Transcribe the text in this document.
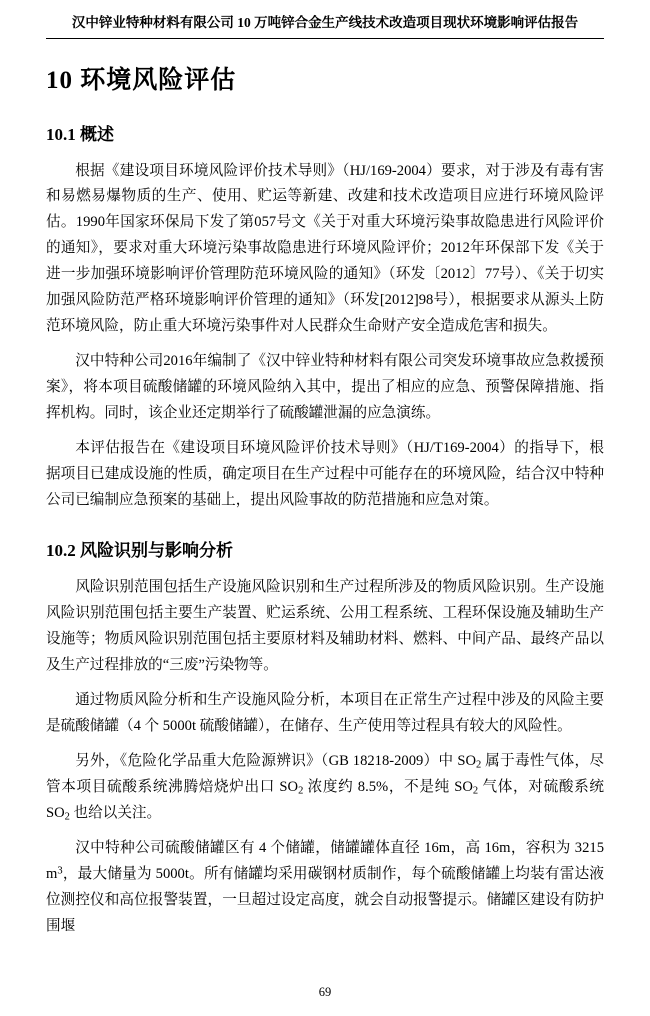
汉中锌业特种材料有限公司 10 万吨锌合金生产线技术改造项目现状环境影响评估报告
10 环境风险评估
10.1 概述

根据《建设项目环境风险评价技术导则》（HJ/169-2004）要求，对于涉及有毒有害和易燃易爆物质的生产、使用、贮运等新建、改建和技术改造项目应进行环境风险评估。1990年国家环保局下发了第057号文《关于对重大环境污染事故隐患进行风险评价的通知》，要求对重大环境污染事故隐患进行环境风险评价；2012年环保部下发《关于进一步加强环境影响评价管理防范环境风险的通知》（环发〔2012〕77号）、《关于切实加强风险防范严格环境影响评价管理的通知》（环发[2012]98号），根据要求从源头上防范环境风险，防止重大环境污染事件对人民群众生命财产安全造成危害和损失。

汉中特种公司2016年编制了《汉中锌业特种材料有限公司突发环境事故应急救援预案》，将本项目硫酸储罐的环境风险纳入其中，提出了相应的应急、预警保障措施、指挥机构。同时，该企业还定期举行了硫酸罐泄漏的应急演练。

本评估报告在《建设项目环境风险评价技术导则》（HJ/T169-2004）的指导下，根据项目已建成设施的性质，确定项目在生产过程中可能存在的环境风险，结合汉中特种公司已编制应急预案的基础上，提出风险事故的防范措施和应急对策。

10.2 风险识别与影响分析

风险识别范围包括生产设施风险识别和生产过程所涉及的物质风险识别。生产设施风险识别范围包括主要生产装置、贮运系统、公用工程系统、工程环保设施及辅助生产设施等；物质风险识别范围包括主要原材料及辅助材料、燃料、中间产品、最终产品以及生产过程排放的“三废”污染物等。

通过物质风险分析和生产设施风险分析，本项目在正常生产过程中涉及的风险主要是硫酸储罐（4 个 5000t 硫酸储罐），在储存、生产使用等过程具有较大的风险性。

另外，《危险化学品重大危险源辨识》（GB 18218-2009）中 $SO_2$ 属于毒性气体，尽管本项目硫酸系统沸腾焙烧炉出口 $SO_2$ 浓度约 8.5%，不是纯 $SO_2$ 气体，对硫酸系统 $SO_2$ 也给以关注。

汉中特种公司硫酸储罐区有 4 个储罐，储罐罐体直径 16m，高 16m，容积为 3215 $m^3$，最大储量为 5000t。所有储罐均采用碳钢材质制作，每个硫酸储罐上均装有雷达液位测控仪和高位报警装置，一旦超过设定高度，就会自动报警提示。储罐区建设有防护围堰

69
